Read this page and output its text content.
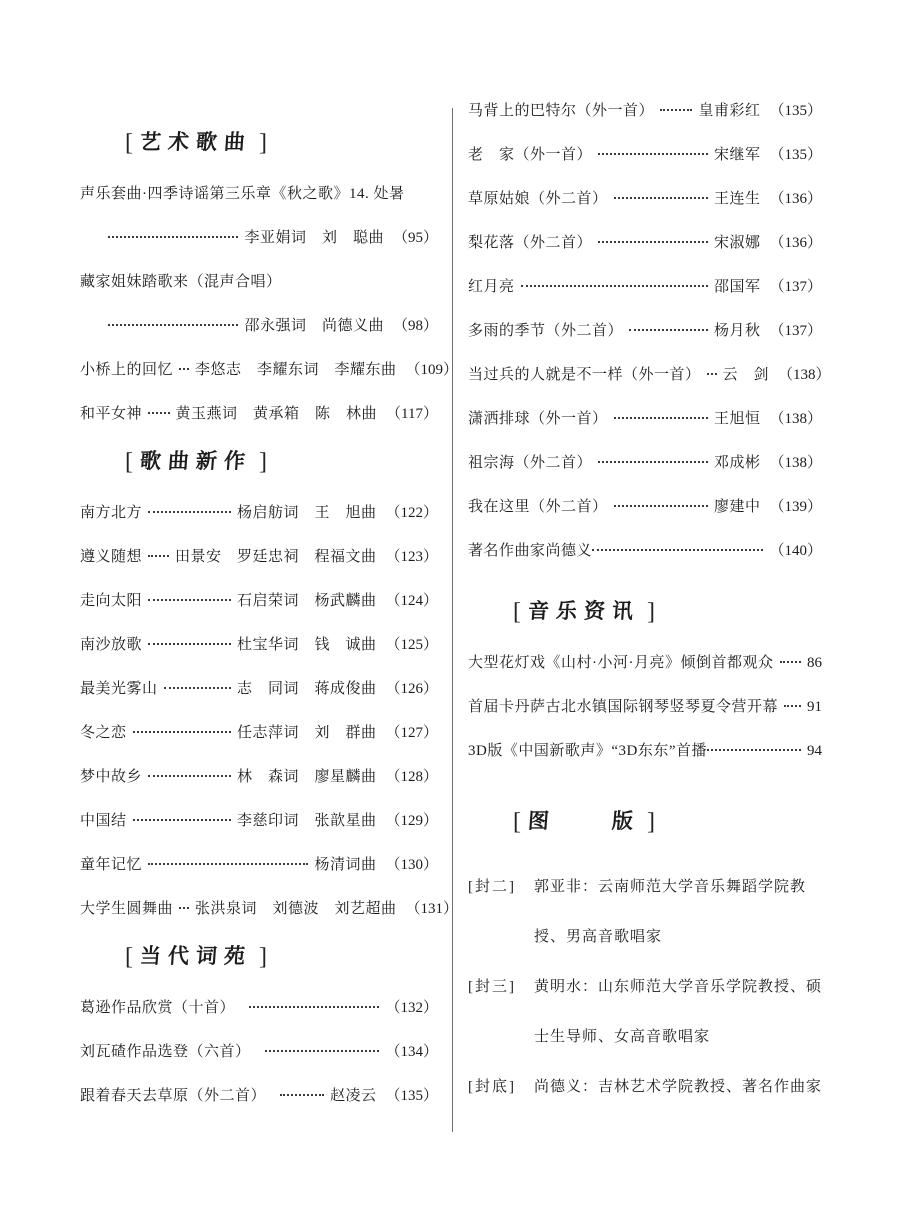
[ 艺术歌曲 ]
声乐套曲·四季诗谣第三乐章《秋之歌》14. 处暑
李亚娟词　刘　聪曲 （95）
藏家姐妹踏歌来（混声合唱）
邵永强词　尚德义曲 （98）
小桥上的回忆 李悠志　李耀东词　李耀东曲 （109）
和平女神 黄玉燕词　黄承箱　陈　林曲 （117）
[ 歌曲新作 ]
南方北方	杨启舫词　王　旭曲 （122）
遵义随想 田景安　罗廷忠祠　程福文曲 （123）
走向太阳	石启荣词　杨武麟曲 （124）
南沙放歌	杜宝华词　钱　诚曲 （125）
最美光雾山	志　同词　蒋成俊曲 （126）
冬之恋	任志萍词　刘　群曲 （127）
梦中故乡	林　森词　廖星麟曲 （128）
中国结	李慈印词　张歆星曲 （129）
童年记忆	杨清词曲 （130）
大学生圆舞曲 张洪泉词　刘德波　刘艺超曲 （131）
[ 当代词苑 ]
葛逊作品欣赏（十首）	（132）
刘瓦碴作品选登（六首）	（134）
跟着春天去草原（外二首）	赵凌云 （135）
马背上的巴特尔（外一首）	皇甫彩红 （135）
老　家（外一首）	宋继军 （135）
草原姑娘（外二首）	王连生 （136）
梨花落（外二首）	宋淑娜 （136）
红月亮	邵国军 （137）
多雨的季节（外二首）	杨月秋 （137）
当过兵的人就是不一样（外一首） 云　剑 （138）
潇洒排球（外一首）	王旭恒 （138）
祖宗海（外二首）	邓成彬 （138）
我在这里（外二首）	廖建中 （139）
著名作曲家尚德义	（140）
[ 音乐资讯 ]
大型花灯戏《山村·小河·月亮》倾倒首都观众 86
首届卡丹萨古北水镇国际钢琴竖琴夏令营开幕 91
3D版《中国新歌声》“3D东东”首播	94
[ 图　　版 ]
[封二] 郭亚非：云南师范大学音乐舞蹈学院教授、男高音歌唱家
[封三] 黄明水：山东师范大学音乐学院教授、硕士生导师、女高音歌唱家
[封底] 尚德义：吉林艺术学院教授、著名作曲家
